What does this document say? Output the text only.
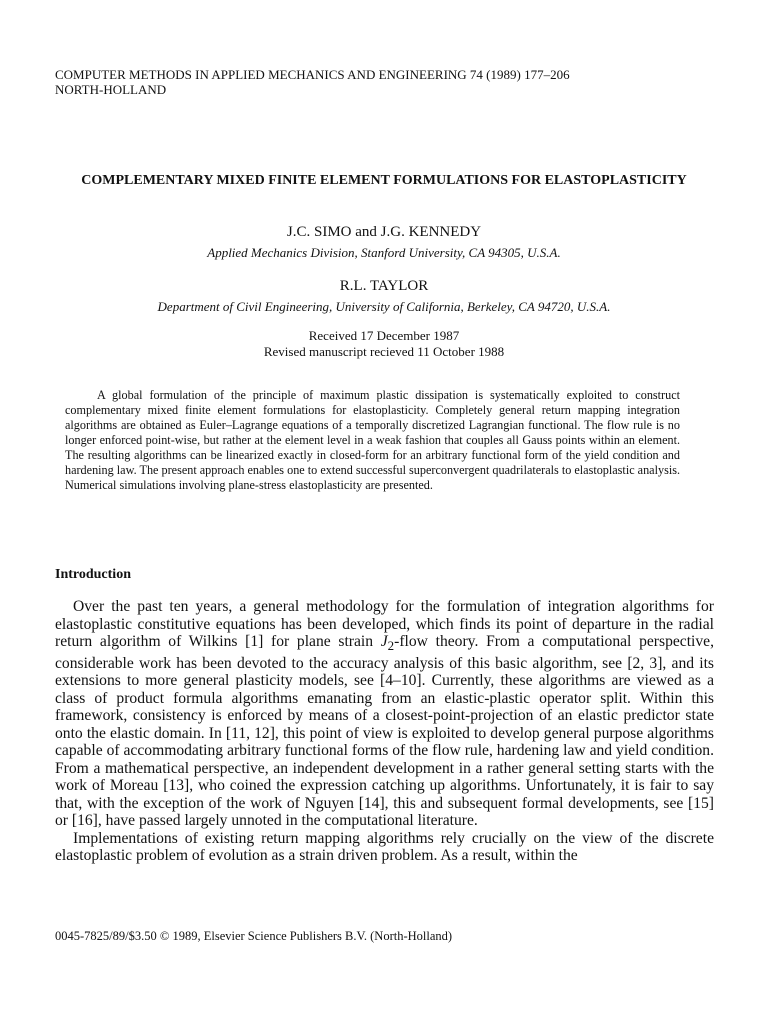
COMPUTER METHODS IN APPLIED MECHANICS AND ENGINEERING 74 (1989) 177–206
NORTH-HOLLAND
COMPLEMENTARY MIXED FINITE ELEMENT FORMULATIONS FOR ELASTOPLASTICITY
J.C. SIMO and J.G. KENNEDY
Applied Mechanics Division, Stanford University, CA 94305, U.S.A.
R.L. TAYLOR
Department of Civil Engineering, University of California, Berkeley, CA 94720, U.S.A.
Received 17 December 1987
Revised manuscript recieved 11 October 1988
A global formulation of the principle of maximum plastic dissipation is systematically exploited to construct complementary mixed finite element formulations for elastoplasticity. Completely general return mapping integration algorithms are obtained as Euler–Lagrange equations of a temporally discretized Lagrangian functional. The flow rule is no longer enforced point-wise, but rather at the element level in a weak fashion that couples all Gauss points within an element. The resulting algorithms can be linearized exactly in closed-form for an arbitrary functional form of the yield condition and hardening law. The present approach enables one to extend successful superconvergent quadrilaterals to elastoplastic analysis. Numerical simulations involving plane-stress elastoplasticity are presented.
Introduction

Over the past ten years, a general methodology for the formulation of integration algorithms for elastoplastic constitutive equations has been developed, which finds its point of departure in the radial return algorithm of Wilkins [1] for plane strain $J_2$-flow theory. From a computational perspective, considerable work has been devoted to the accuracy analysis of this basic algorithm, see [2, 3], and its extensions to more general plasticity models, see [4–10]. Currently, these algorithms are viewed as a class of product formula algorithms emanating from an elastic-plastic operator split. Within this framework, consistency is enforced by means of a closest-point-projection of an elastic predictor state onto the elastic domain. In [11, 12], this point of view is exploited to develop general purpose algorithms capable of accommodating arbitrary functional forms of the flow rule, hardening law and yield condition. From a mathematical perspective, an independent development in a rather general setting starts with the work of Moreau [13], who coined the expression catching up algorithms. Unfortunately, it is fair to say that, with the exception of the work of Nguyen [14], this and subsequent formal developments, see [15] or [16], have passed largely unnoted in the computational literature.

Implementations of existing return mapping algorithms rely crucially on the view of the discrete elastoplastic problem of evolution as a strain driven problem. As a result, within the

0045-7825/89/$3.50 © 1989, Elsevier Science Publishers B.V. (North-Holland)
